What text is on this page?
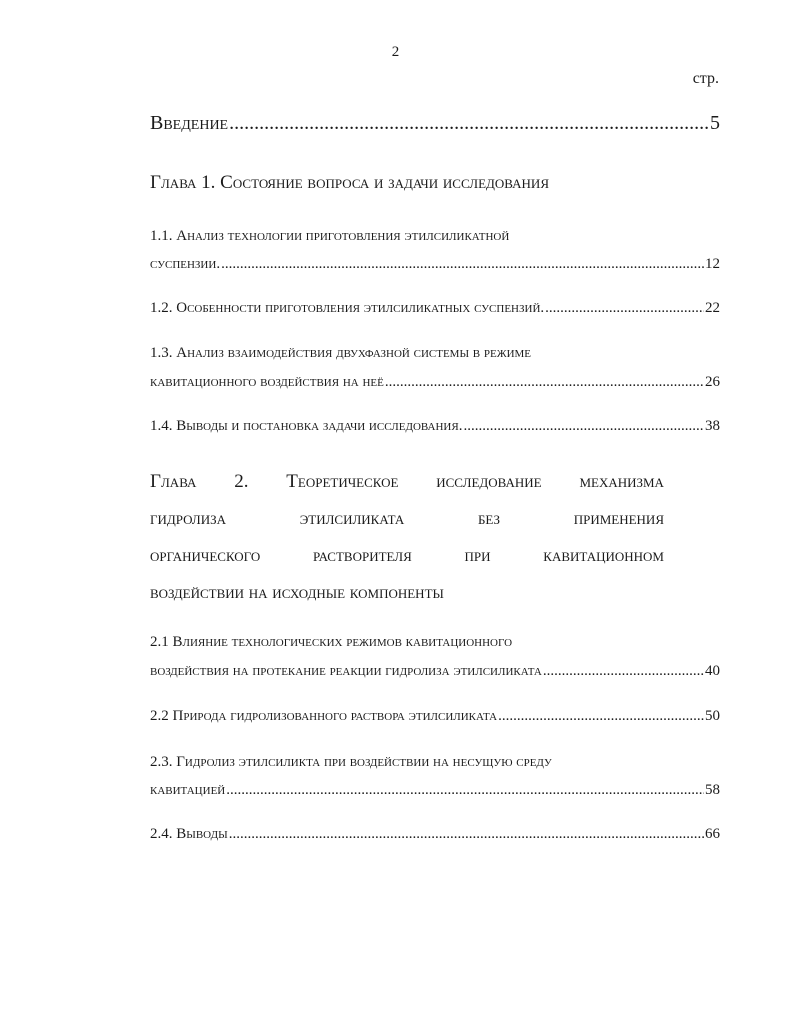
2
стр.
Введение .....	5
Глава 1. Состояние вопроса и задачи исследования
1.1. Анализ технологии приготовления этилсиликатной
суспензии. .....	12
1.2. Особенности приготовления этилсиликатных суспензий. .....	22
1.3. Анализ взаимодействия двухфазной системы в режиме
кавитационного воздействия на неё .....	26
1.4. Выводы и постановка задачи исследования. .....	38
Глава 2. Теоретическое исследование механизма
гидролиза	этилсиликата	без	применения
органического	растворителя	при	кавитационном
воздействии на исходные компоненты
2.1 Влияние технологических режимов кавитационного
воздействия на протекание реакции гидролиза этилсиликата .....	40
2.2 Природа гидролизованного раствора этилсиликата .....	50
2.3. Гидролиз этилсиликта при воздействии на несущую среду
кавитацией .....	58
2.4. Выводы .....	66
